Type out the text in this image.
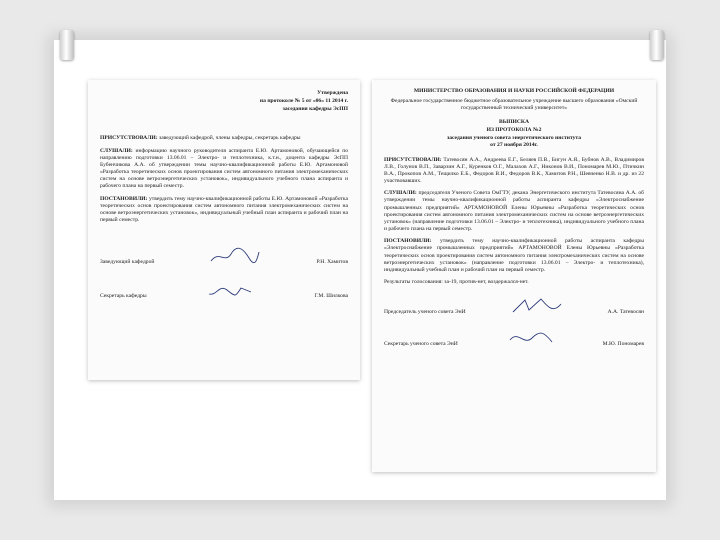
Утверждена
на протоколе № 5 от «06» 11 2014 г.
заседания кафедры ЭсПП
ПРИСУТСТВОВАЛИ: заведующий кафедрой, члены кафедры, секретарь кафедры
СЛУШАЛИ: информацию научного руководителя аспиранта Е.Ю. Артамоновой, обучающейся по направлению подготовки 13.06.01 – Электро- и теплотехника, к.т.н., доцента кафедры ЭсПП Бубенчикова А.А. об утверждении темы научно-квалификационной работы Е.Ю. Артамоновой «Разработка теоретических основ проектирования систем автономного питания электромеханических систем на основе ветроэнергетических установок», индивидуального учебного плана аспиранта и рабочего плана на первый семестр.
ПОСТАНОВИЛИ: утвердить тему научно-квалификационной работы Е.Ю. Артамоновой «Разработка теоретических основ проектирования систем автономного питания электромеханических систем на основе ветроэнергетических установок», индивидуальный учебный план аспиранта и рабочий план на первый семестр.
Заведующий кафедрой	Р.Н. Хамитов
Секретарь кафедры	Г.М. Шилкова
МИНИСТЕРСТВО ОБРАЗОВАНИЯ И НАУКИ РОССИЙСКОЙ ФЕДЕРАЦИИ
Федеральное государственное бюджетное образовательное учреждение высшего образования «Омский государственный технический университет»
ВЫПИСКА
ИЗ ПРОТОКОЛА №2
заседания ученого совета энергетического института
от 27 ноября 2014г.
ПРИСУТСТВОВАЛИ: Татевосян А.А., Андреева Е.Г., Беляев П.В., Бигун А.Я., Бубнов А.В., Владимиров Л.В., Голунов В.П., Заварзин А.Г., Куренков О.Г., Малахов А.Г., Никонов В.И., Пономарев М.Ю., Птичкин В.А., Прокопов А.М., Тещилко Е.Б., Федоров В.И., Федоров В.К., Хамитов Р.Н., Шевченко Н.В. и др. из 22 участвовавших.
СЛУШАЛИ: председателя Ученого Совета ОмГТУ, декана Энергетического института Татевосяна А.А. об утверждении темы научно-квалификационной работы аспиранта кафедры «Электроснабжение промышленных предприятий» АРТАМОНОВОЙ Елены Юрьевны «Разработка теоретических основ проектирования систем автономного питания электромеханических систем на основе ветроэнергетических установок» (направление подготовки 13.06.01 – Электро- и теплотехника), индивидуального учебного плана и рабочего плана на первый семестр.
ПОСТАНОВИЛИ: утвердить тему научно-квалификационной работы аспиранта кафедры «Электроснабжение промышленных предприятий» АРТАМОНОВОЙ Елены Юрьевны «Разработка теоретических основ проектирования систем автономного питания электромеханических систем на основе ветроэнергетических установок» (направление подготовки 13.06.01 – Электро- и теплотехника), индивидуальный учебный план и рабочий план на первый семестр.
Результаты голосования: за-19, против-нет, воздержался-нет.
Председатель ученого совета ЭнИ	А.А. Татевосян
Секретарь ученого совета ЭнИ	М.Ю. Пономарев
